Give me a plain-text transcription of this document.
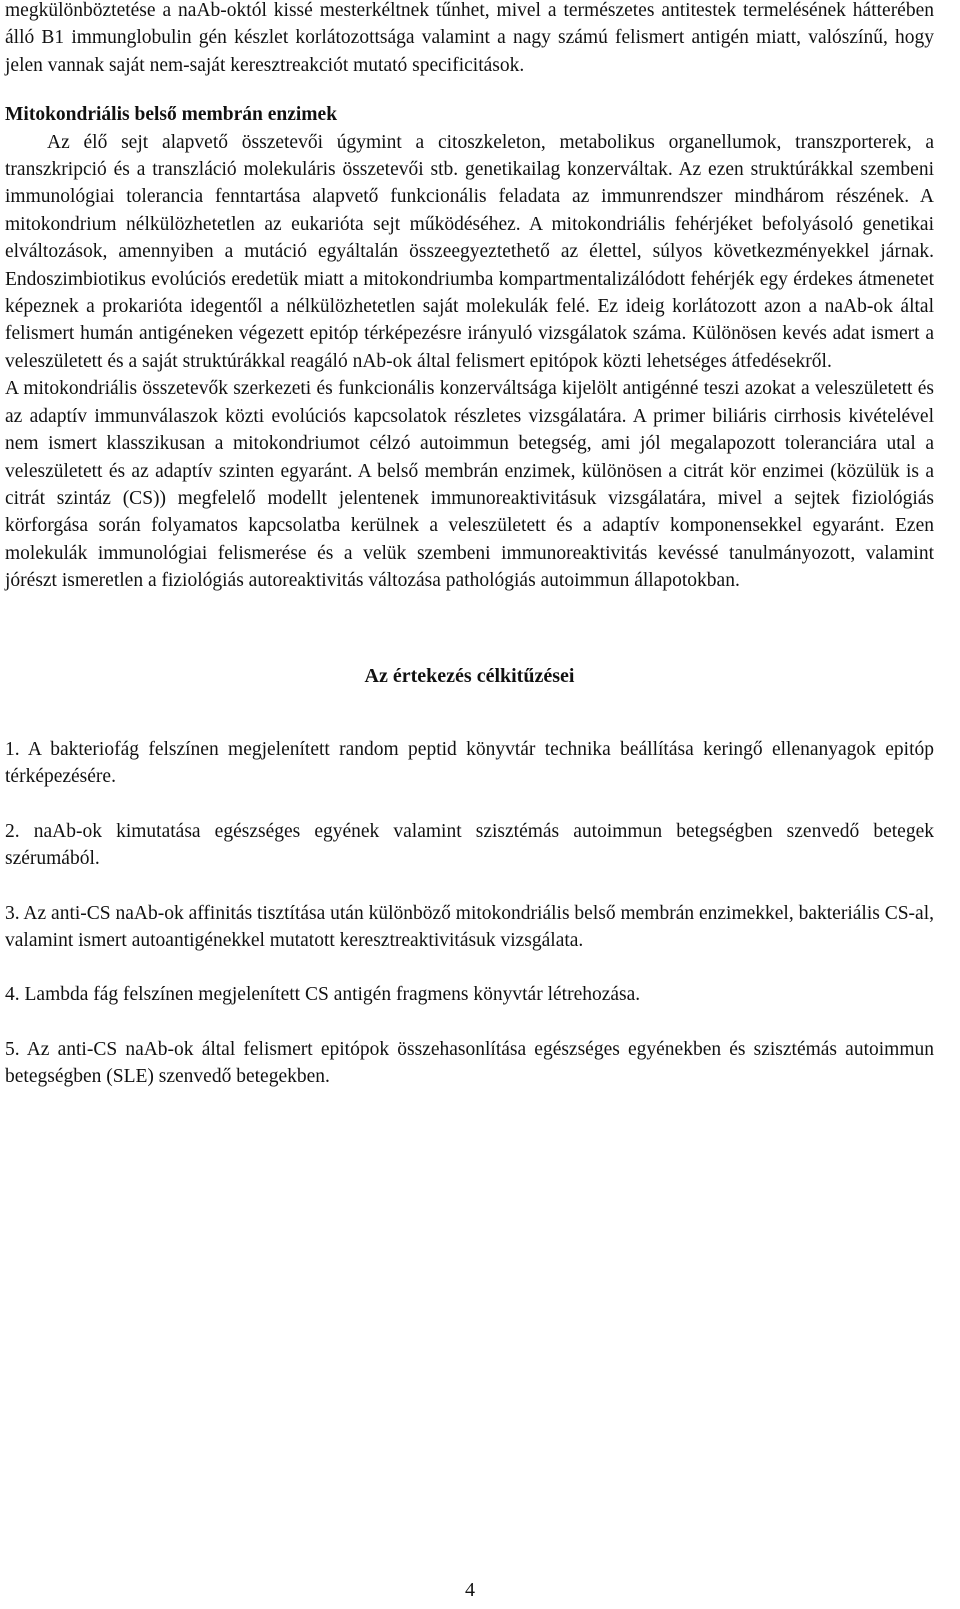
megkülönböztetése a naAb-októl kissé mesterkéltnek tűnhet, mivel a természetes antitestek termelésének hátterében álló B1 immunglobulin gén készlet korlátozottsága valamint a nagy számú felismert antigén miatt, valószínű, hogy jelen vannak saját nem-saját keresztreakciót mutató specificitások.

Mitokondriális belső membrán enzimek

Az élő sejt alapvető összetevői úgymint a citoszkeleton, metabolikus organellumok, transzporterek, a transzkripció és a transzláció molekuláris összetevői stb. genetikailag konzerváltak. Az ezen struktúrákkal szembeni immunológiai tolerancia fenntartása alapvető funkcionális feladata az immunrendszer mindhárom részének. A mitokondrium nélkülözhetetlen az eukarióta sejt működéséhez. A mitokondriális fehérjéket befolyásoló genetikai elváltozások, amennyiben a mutáció egyáltalán összeegyeztethető az élettel, súlyos következményekkel járnak. Endoszimbiotikus evolúciós eredetük miatt a mitokondriumba kompartmentalizálódott fehérjék egy érdekes átmenetet képeznek a prokarióta idegentől a nélkülözhetetlen saját molekulák felé. Ez ideig korlátozott azon a naAb-ok által felismert humán antigéneken végezett epitóp térképezésre irányuló vizsgálatok száma. Különösen kevés adat ismert a veleszületett és a saját struktúrákkal reagáló nAb-ok által felismert epitópok közti lehetséges átfedésekről.

A mitokondriális összetevők szerkezeti és funkcionális konzerváltsága kijelölt antigénné teszi azokat a veleszületett és az adaptív immunválaszok közti evolúciós kapcsolatok részletes vizsgálatára. A primer biliáris cirrhosis kivételével nem ismert klasszikusan a mitokondriumot célzó autoimmun betegség, ami jól megalapozott toleranciára utal a veleszületett és az adaptív szinten egyaránt. A belső membrán enzimek, különösen a citrát kör enzimei (közülük is a citrát szintáz (CS)) megfelelő modellt jelentenek immunoreaktivitásuk vizsgálatára, mivel a sejtek fiziológiás körforgása során folyamatos kapcsolatba kerülnek a veleszületett és a adaptív komponensekkel egyaránt. Ezen molekulák immunológiai felismerése és a velük szembeni immunoreaktivitás kevéssé tanulmányozott, valamint jórészt ismeretlen a fiziológiás autoreaktivitás változása pathológiás autoimmun állapotokban.

Az értekezés célkitűzései

1. A bakteriofág felszínen megjelenített random peptid könyvtár technika beállítása keringő ellenanyagok epitóp térképezésére.

2. naAb-ok kimutatása egészséges egyének valamint szisztémás autoimmun betegségben szenvedő betegek szérumából.

3. Az anti-CS naAb-ok affinitás tisztítása után különböző mitokondriális belső membrán enzimekkel, bakteriális CS-al, valamint ismert autoantigénekkel mutatott keresztreaktivitásuk vizsgálata.

4. Lambda fág felszínen megjelenített CS antigén fragmens könyvtár létrehozása.

5. Az anti-CS naAb-ok által felismert epitópok összehasonlítása egészséges egyénekben és szisztémás autoimmun betegségben (SLE) szenvedő betegekben.

4
